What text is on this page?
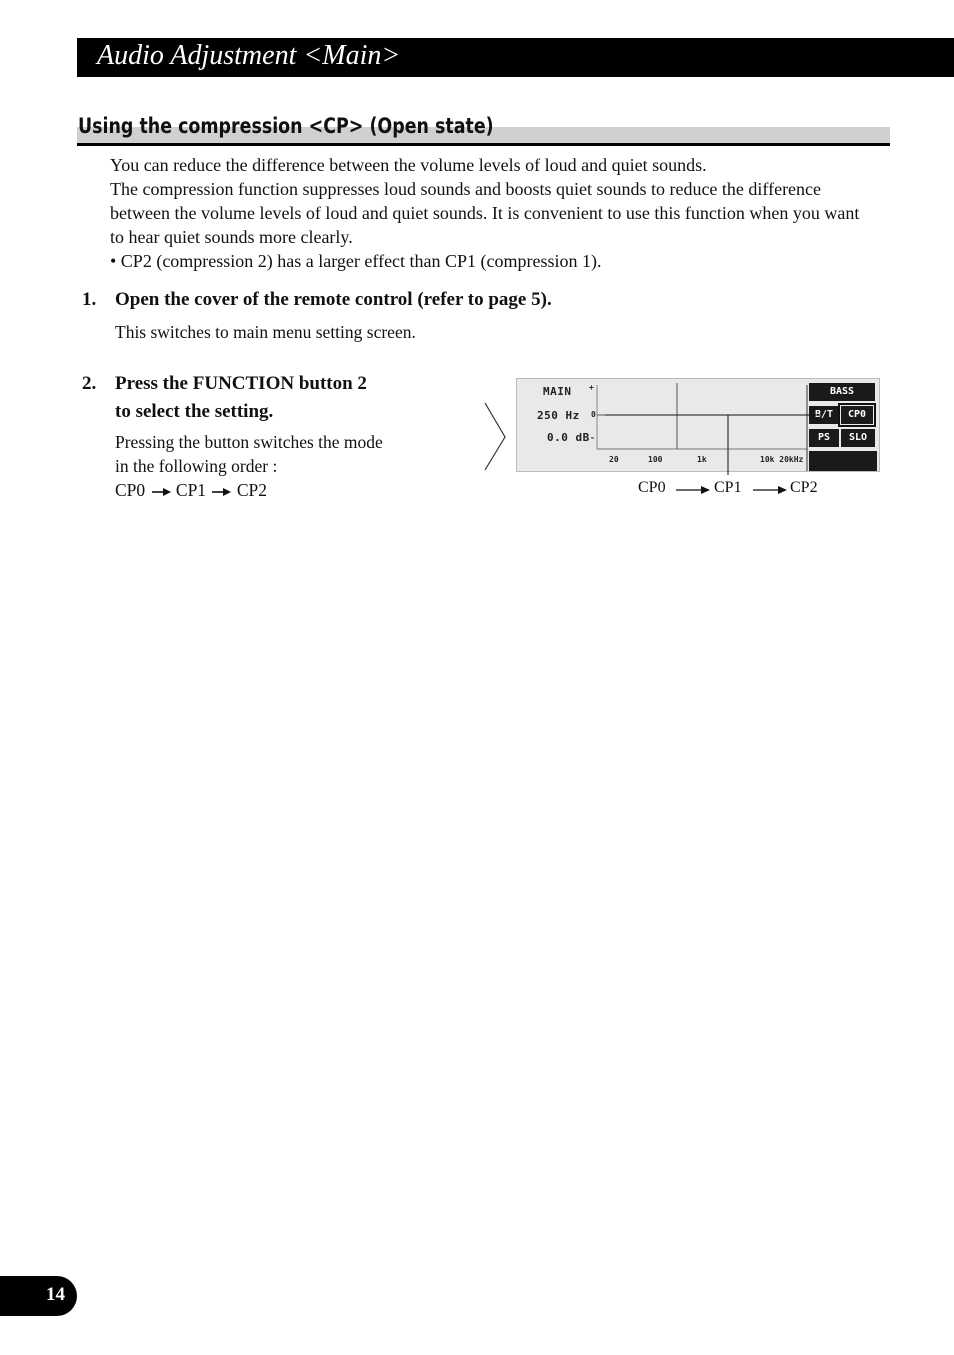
Audio Adjustment <Main>
Using the compression <CP> (Open state)

You can reduce the difference between the volume levels of loud and quiet sounds.

The compression function suppresses loud sounds and boosts quiet sounds to reduce the difference between the volume levels of loud and quiet sounds. It is convenient to use this function when you want to hear quiet sounds more clearly.

• CP2 (compression 2) has a larger effect than CP1 (compression 1).

1. Open the cover of the remote control (refer to page 5).
This switches to main menu setting screen.
2. Press the FUNCTION button 2
to select the setting.
Pressing the button switches the mode
in the following order :
CP0 CP1 CP2
MAIN
250 Hz
0.0 dB
+
0
-
20	100	1k	10k 20kHz
BASS
B/T	CP0
PS	SLO
CP0	CP1	CP2
14
